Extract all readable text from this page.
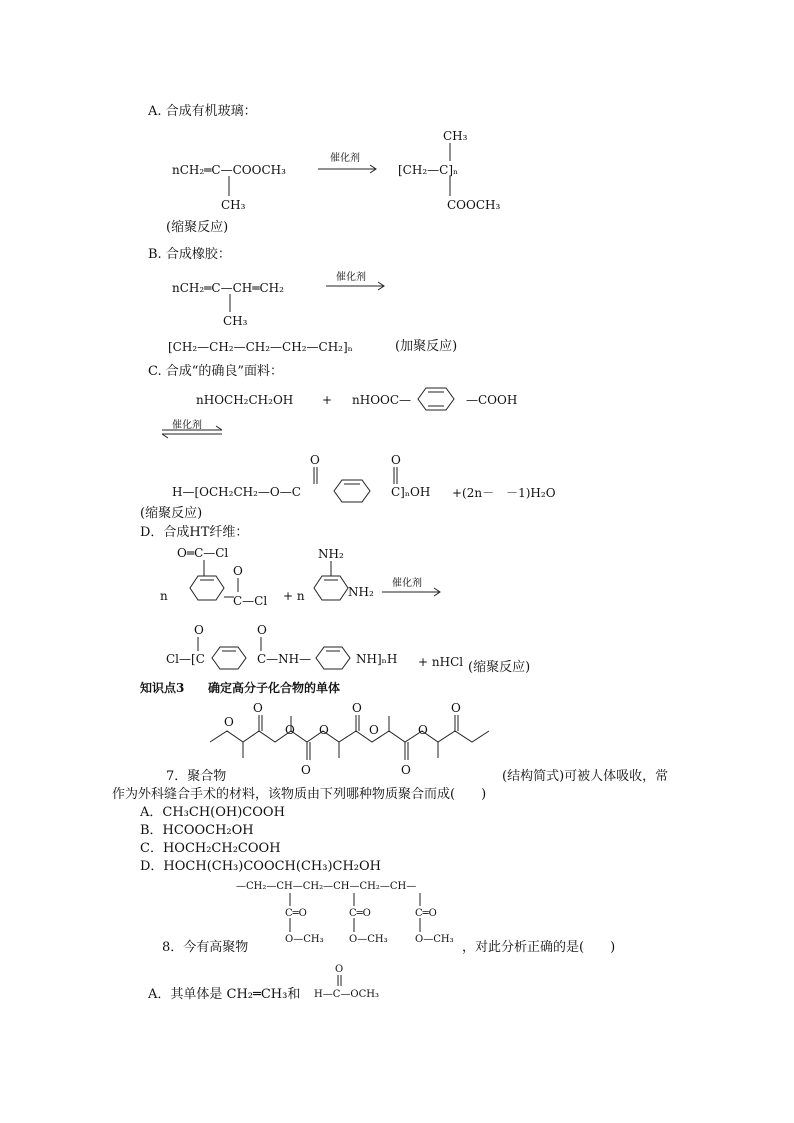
A. 合成有机玻璃：
nCH₂═C—COOCH₃
CH₃
催化剂
CH₃
[CH₂—C]ₙ
COOCH₃
(缩聚反应)
B. 合成橡胶：
nCH₂═C—CH═CH₂
CH₃
催化剂
[CH₂—CH₂—CH₂—CH₂—CH₂]ₙ	(加聚反应)
C. 合成“的确良”面料：
nHOCH₂CH₂OH + nHOOC—	—COOH
催化剂
O	O
H—[OCH₂CH₂—O—C	C]ₙOH +(2n－　－1)H₂O
(缩聚反应)
D．合成HT纤维：
O═C—Cl
O
C—Cl
n	+ n
NH₂
NH₂
催化剂
O	O
Cl—[C	C—NH—	NH]ₙH + nHCl (缩聚反应)
知识点3 确定高分子化合物的单体
O
O
O
O
O
O
O
O
O
O
7．聚合物	(结构简式)可被人体吸收，常
作为外科缝合手术的材料，该物质由下列哪种物质聚合而成(　　)
A．CH₃CH(OH)COOH
B．HCOOCH₂OH
C．HOCH₂CH₂COOH
D．HOCH(CH₃)COOCH(CH₃)CH₂OH
—CH₂—CH—CH₂—CH—CH₂—CH—
C═O	C═O	C═O
O—CH₃	O—CH₃	O—CH₃
8．今有高聚物	，对此分析正确的是(　　)
O
A．其单体是 CH₂═CH₃和 H—C—OCH₃
